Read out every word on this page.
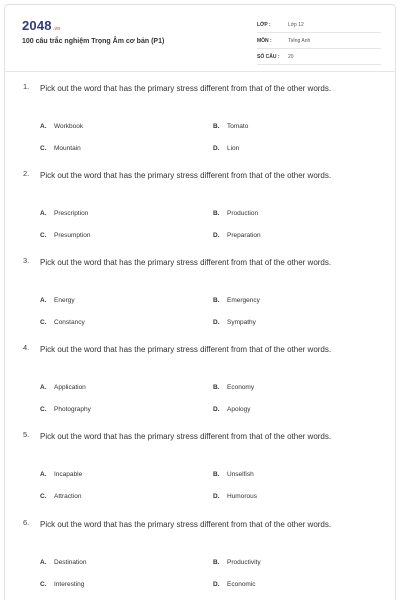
2048.vn
100 câu trắc nghiệm Trọng Âm cơ bản (P1)
LỚP :	Lớp 12
MÔN :	Tiếng Anh
SỐ CÂU : 20
1. Pick out the word that has the primary stress different from that of the other words.
A. Workbook	B. Tomato
C. Mountain	D. Lion
2. Pick out the word that has the primary stress different from that of the other words.
A. Prescription	B. Production
C. Presumption	D. Preparation
3. Pick out the word that has the primary stress different from that of the other words.
A. Energy	B. Emergency
C. Constancy	D. Sympathy
4. Pick out the word that has the primary stress different from that of the other words.
A. Application	B. Economy
C. Photography	D. Apology
5. Pick out the word that has the primary stress different from that of the other words.
A. Incapable	B. Unselfish
C. Attraction	D. Humorous
6. Pick out the word that has the primary stress different from that of the other words.
A. Destination	B. Productivity
C. Interesting	D. Economic
